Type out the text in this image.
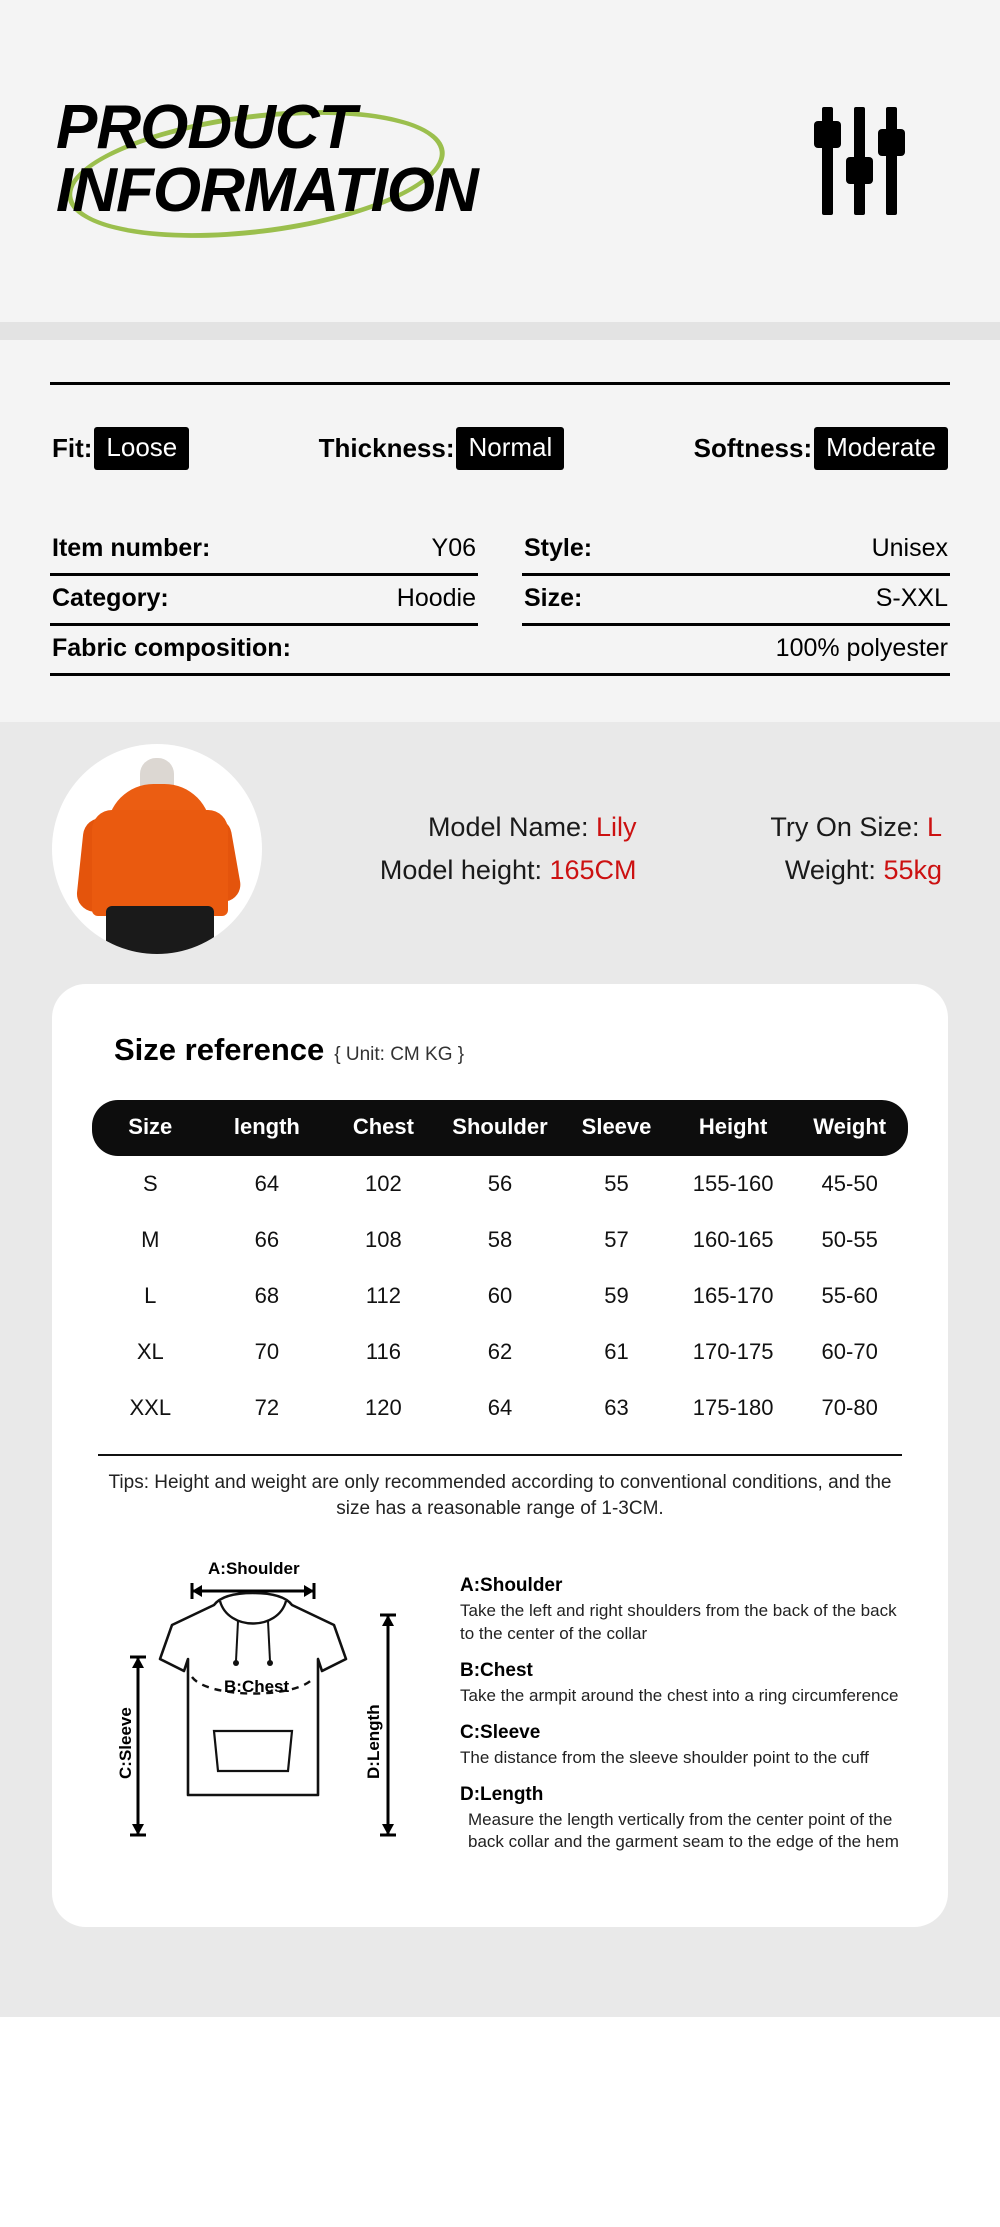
PRODUCT
INFORMATION
Fit: Loose	Thickness: Normal	Softness: Moderate
Item number:	Y06 Style:	Unisex
Category:	Hoodie Size:	S-XXL
Fabric composition:	100% polyester
Model Name: Lily
Model height: 165CM
Try On Size: L
Weight: 55kg
Size reference { Unit: CM KG }
Size	length	Chest	Shoulder	Sleeve	Height	Weight
S	64	102	56	55	155-160	45-50
M	66	108	58	57	160-165	50-55
L	68	112	60	59	165-170	55-60
XL	70	116	62	61	170-175	60-70
XXL	72	120	64	63	175-180	70-80
Tips: Height and weight are only recommended according to conventional conditions, and the size has a reasonable range of 1-3CM.
A:Shoulder
B:Chest
C:Sleeve	D:Length
A:Shoulder
Take the left and right shoulders from the back of the back to the center of the collar
B:Chest
Take the armpit around the chest into a ring circumference
C:Sleeve
The distance from the sleeve shoulder point to the cuff
D:Length
Measure the length vertically from the center point of the back collar and the garment seam to the edge of the hem
